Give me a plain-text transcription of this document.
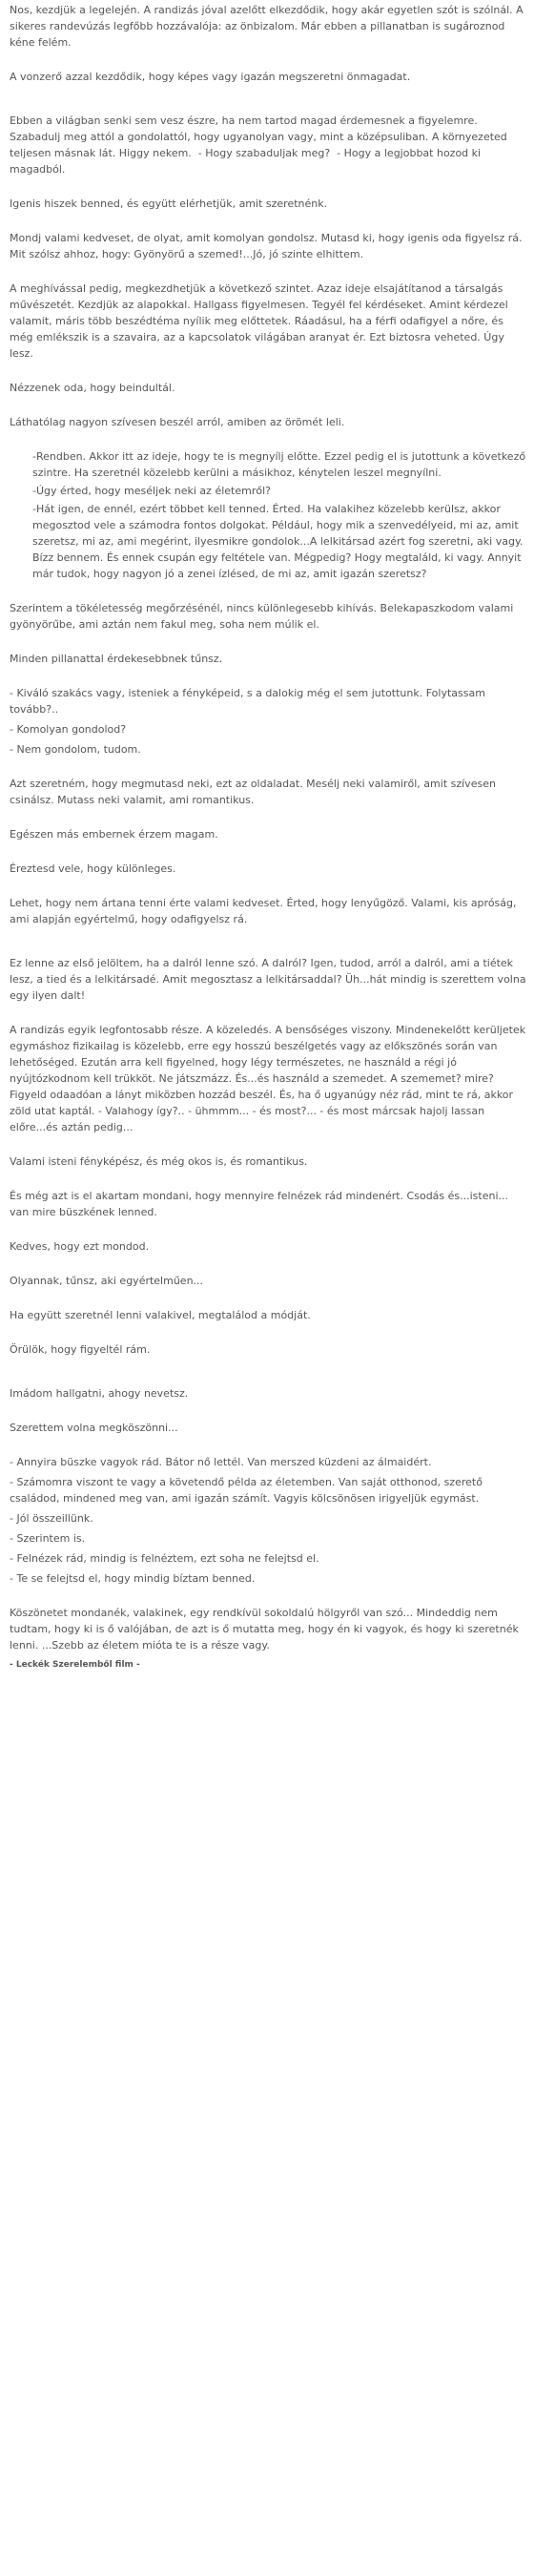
Nos, kezdjük a legelején. A randizás jóval azelőtt elkezdődik, hogy akár egyetlen szót is szólnál. A sikeres randevúzás legfőbb hozzávalója: az önbizalom. Már ebben a pillanatban is sugároznod kéne felém.

A vonzerő azzal kezdődik, hogy képes vagy igazán megszeretni önmagadat.

Ebben a világban senki sem vesz észre, ha nem tartod magad érdemesnek a figyelemre. Szabadulj meg attól a gondolattól, hogy ugyanolyan vagy, mint a középsuliban. A környezeted teljesen másnak lát. Higgy nekem.  - Hogy szabaduljak meg?  - Hogy a legjobbat hozod ki magadból.

Igenis hiszek benned, és együtt elérhetjük, amit szeretnénk.

Mondj valami kedveset, de olyat, amit komolyan gondolsz. Mutasd ki, hogy igenis oda figyelsz rá.  Mit szólsz ahhoz, hogy: Gyönyörű a szemed!...Jó, jó szinte elhittem.

A meghívással pedig, megkezdhetjük a következő szintet. Azaz ideje elsajátítanod a társalgás művészetét. Kezdjük az alapokkal. Hallgass figyelmesen. Tegyél fel kérdéseket. Amint kérdezel valamit, máris több beszédtéma nyílik meg előttetek. Ráadásul, ha a férfi odafigyel a nőre, és még emlékszik is a szavaira, az a kapcsolatok világában aranyat ér. Ezt biztosra veheted. Úgy lesz.

Nézzenek oda, hogy beindultál.

Láthatólag nagyon szívesen beszél arról, amiben az örömét leli.

-Rendben. Akkor itt az ideje, hogy te is megnyílj előtte. Ezzel pedig el is jutottunk a következő szintre. Ha szeretnél közelebb kerülni a másikhoz, kénytelen leszel megnyílni.

-Úgy érted, hogy meséljek neki az életemről?

-Hát igen, de ennél, ezért többet kell tenned. Érted. Ha valakihez közelebb kerülsz, akkor megosztod vele a számodra fontos dolgokat. Például, hogy mik a szenvedélyeid, mi az, amit szeretsz, mi az, ami megérint, ilyesmikre gondolok...A lelkitársad azért fog szeretni, aki vagy. Bízz bennem. És ennek csupán egy feltétele van. Mégpedig? Hogy megtaláld, ki vagy. Annyit már tudok, hogy nagyon jó a zenei ízlésed, de mi az, amit igazán szeretsz?

Szerintem a tökéletesség megőrzésénél, nincs különlegesebb kihívás. Belekapaszkodom valami gyönyörűbe, ami aztán nem fakul meg, soha nem múlik el.

Minden pillanattal érdekesebbnek tűnsz.

- Kiváló szakács vagy, isteniek a fényképeid, s a dalokig még el sem jutottunk. Folytassam tovább?..

- Komolyan gondolod?

- Nem gondolom, tudom.

Azt szeretném, hogy megmutasd neki, ezt az oldaladat. Mesélj neki valamiről, amit szívesen csinálsz. Mutass neki valamit, ami romantikus.

Egészen más embernek érzem magam.

Éreztesd vele, hogy különleges.

Lehet, hogy nem ártana tenni érte valami kedveset. Érted, hogy lenyűgöző. Valami, kis apróság, ami alapján egyértelmű, hogy odafigyelsz rá.

Ez lenne az első jelöltem, ha a dalról lenne szó. A dalról? Igen, tudod, arról a dalról, ami a tiétek lesz, a tied és a lelkitársadé. Amit megosztasz a lelkitársaddal? Üh...hát mindig is szerettem volna egy ilyen dalt!

A randizás egyik legfontosabb része. A közeledés. A bensőséges viszony. Mindenekelőtt kerüljetek egymáshoz fizikailag is közelebb, erre egy hosszú beszélgetés vagy az előkszönés során van lehetőséged. Ezután arra kell figyelned, hogy légy természetes, ne használd a régi jó nyújtózkodnom kell trükköt. Ne játszmázz. És...és használd a szemedet. A szememet? mire? Figyeld odaadóan a lányt miközben hozzád beszél. És, ha ő ugyanúgy néz rád, mint te rá, akkor zöld utat kaptál. - Valahogy így?.. - ühmmm... - és most?... - és most márcsak hajolj lassan előre...és aztán pedig...

Valami isteni fényképész, és még okos is, és romantikus.

És még azt is el akartam mondani, hogy mennyire felnézek rád mindenért. Csodás és...isteni... van mire büszkének lenned.

Kedves, hogy ezt mondod.

Olyannak, tűnsz, aki egyértelműen...

Ha együtt szeretnél lenni valakivel, megtalálod a módját.

Örülök, hogy figyeltél rám.

Imádom hallgatni, ahogy nevetsz.

Szerettem volna megköszönni...

- Annyira büszke vagyok rád. Bátor nő lettél. Van merszed küzdeni az álmaidért.

- Számomra viszont te vagy a követendő példa az életemben. Van saját otthonod, szerető családod, mindened meg van, ami igazán számít. Vagyis kölcsönösen irigyeljük egymást.

- Jól összeillünk.

- Szerintem is.

- Felnézek rád, mindig is felnéztem, ezt soha ne felejtsd el.

- Te se felejtsd el, hogy mindig bíztam benned.

Köszönetet mondanék, valakinek, egy rendkívül sokoldalú hölgyről van szó... Mindeddig nem tudtam, hogy ki is ő valójában, de azt is ő mutatta meg, hogy én ki vagyok, és hogy ki szeretnék lenni. ...Szebb az életem mióta te is a része vagy.

- Leckék Szerelemből film -
